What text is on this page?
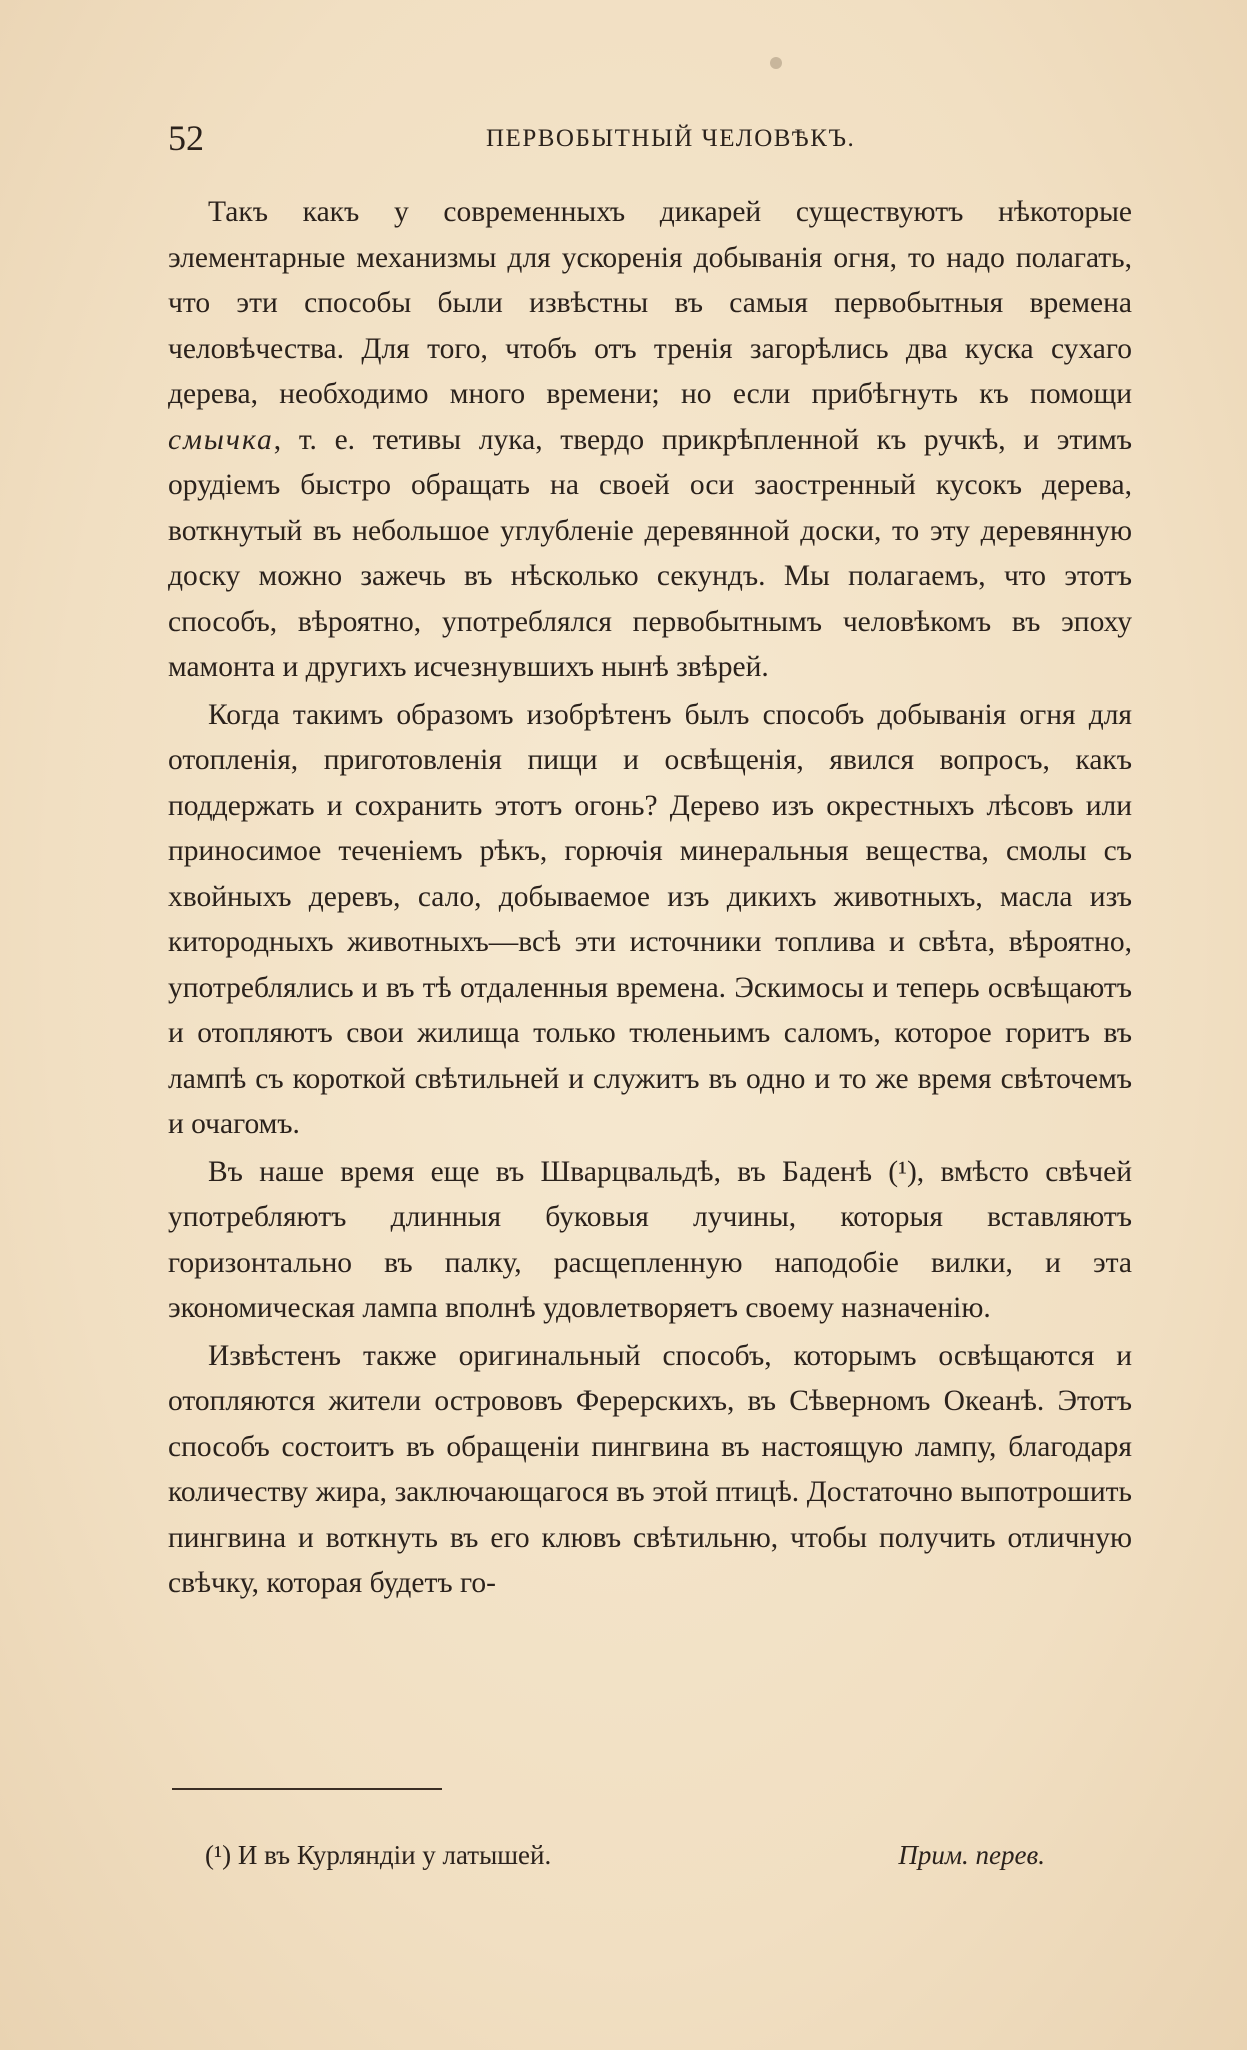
52	ПЕРВОБЫТНЫЙ ЧЕЛОВѢКЪ.

Такъ какъ у современныхъ дикарей существуютъ нѣкоторые элементарные механизмы для ускоренія добыванія огня, то надо полагать, что эти способы были извѣстны въ самыя первобытныя времена человѣчества. Для того, чтобъ отъ тренія загорѣлись два куска сухаго дерева, необходимо много времени; но если прибѣгнуть къ помощи смычка, т. е. тетивы лука, твердо прикрѣпленной къ ручкѣ, и этимъ орудіемъ быстро обращать на своей оси заостренный кусокъ дерева, воткнутый въ небольшое углубленіе деревянной доски, то эту деревянную доску можно зажечь въ нѣсколько секундъ. Мы полагаемъ, что этотъ способъ, вѣроятно, употреблялся первобытнымъ человѣкомъ въ эпоху мамонта и другихъ исчезнувшихъ нынѣ звѣрей.

Когда такимъ образомъ изобрѣтенъ былъ способъ добыванія огня для отопленія, приготовленія пищи и освѣщенія, явился вопросъ, какъ поддержать и сохранить этотъ огонь? Дерево изъ окрестныхъ лѣсовъ или приносимое теченіемъ рѣкъ, горючія минеральныя вещества, смолы съ хвойныхъ деревъ, сало, добываемое изъ дикихъ животныхъ, масла изъ китородныхъ животныхъ—всѣ эти источники топлива и свѣта, вѣроятно, употреблялись и въ тѣ отдаленныя времена. Эскимосы и теперь освѣщаютъ и отопляютъ свои жилища только тюленьимъ саломъ, которое горитъ въ лампѣ съ короткой свѣтильней и служитъ въ одно и то же время свѣточемъ и очагомъ.

Въ наше время еще въ Шварцвальдѣ, въ Баденѣ (¹), вмѣсто свѣчей употребляютъ длинныя буковыя лучины, которыя вставляютъ горизонтально въ палку, расщепленную наподобіе вилки, и эта экономическая лампа вполнѣ удовлетворяетъ своему назначенію.

Извѣстенъ также оригинальный способъ, которымъ освѣщаются и отопляются жители острововъ Ферерскихъ, въ Сѣверномъ Океанѣ. Этотъ способъ состоитъ въ обращеніи пингвина въ настоящую лампу, благодаря количеству жира, заключающагося въ этой птицѣ. Достаточно выпотрошить пингвина и воткнуть въ его клювъ свѣтильню, чтобы получить отличную свѣчку, которая будетъ го-

(¹) И въ Курляндіи у латышей.	Прим. перев.
